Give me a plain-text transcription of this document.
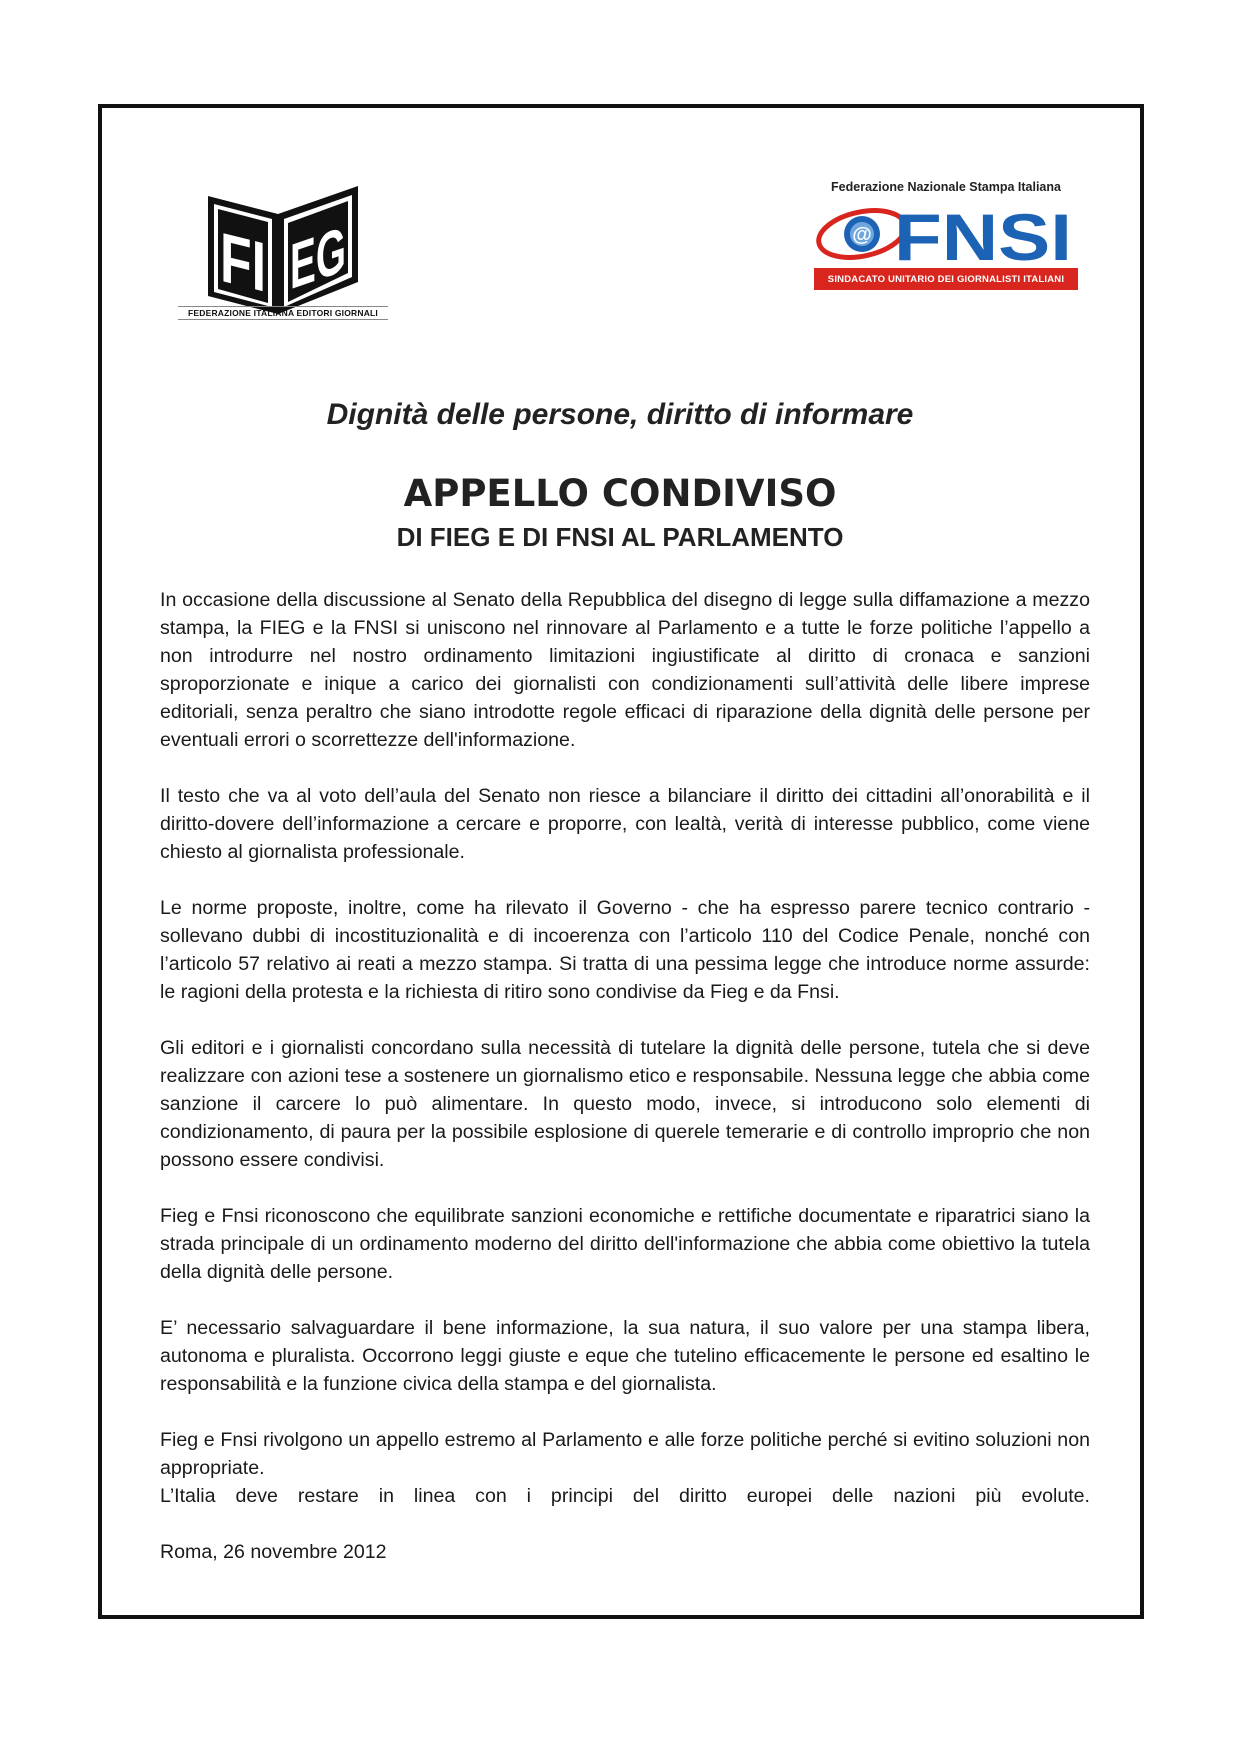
FI EG
FEDERAZIONE ITALIANA EDITORI GIORNALI
Federazione Nazionale Stampa Italiana
@ FNSI
SINDACATO UNITARIO DEI GIORNALISTI ITALIANI
Dignità delle persone, diritto di informare
APPELLO CONDIVISO
DI FIEG E DI FNSI AL PARLAMENTO

In occasione della discussione al Senato della Repubblica del disegno di legge sulla diffamazione a mezzo stampa, la FIEG e la FNSI si uniscono nel rinnovare al Parlamento e a tutte le forze politiche l’appello a non introdurre nel nostro ordinamento limitazioni ingiustificate al diritto di cronaca e sanzioni sproporzionate e inique a carico dei giornalisti con condizionamenti sull’attività delle libere imprese editoriali, senza peraltro che siano introdotte regole efficaci di riparazione della dignità delle persone per eventuali errori o scorrettezze dell'informazione.

Il testo che va al voto dell’aula del Senato non riesce a bilanciare il diritto dei cittadini all’onorabilità e il diritto-dovere dell’informazione a cercare e proporre, con lealtà, verità di interesse pubblico, come viene chiesto al giornalista professionale.

Le norme proposte, inoltre, come ha rilevato il Governo - che ha espresso parere tecnico contrario - sollevano dubbi di incostituzionalità e di incoerenza con l’articolo 110 del Codice Penale, nonché con l’articolo 57 relativo ai reati a mezzo stampa. Si tratta di una pessima legge che introduce norme assurde: le ragioni della protesta e la richiesta di ritiro sono condivise da Fieg e da Fnsi.

Gli editori e i giornalisti concordano sulla necessità di tutelare la dignità delle persone, tutela che si deve realizzare con azioni tese a sostenere un giornalismo etico e responsabile. Nessuna legge che abbia come sanzione il carcere lo può alimentare. In questo modo, invece, si introducono solo elementi di condizionamento, di paura per la possibile esplosione di querele temerarie e di controllo improprio che non possono essere condivisi.

Fieg e Fnsi riconoscono che equilibrate sanzioni economiche e rettifiche documentate e riparatrici siano la strada principale di un ordinamento moderno del diritto dell'informazione che abbia come obiettivo la tutela della dignità delle persone.

E’ necessario salvaguardare il bene informazione, la sua natura, il suo valore per una stampa libera, autonoma e pluralista. Occorrono leggi giuste e eque che tutelino efficacemente le persone ed esaltino le responsabilità e la funzione civica della stampa e del giornalista.

Fieg e Fnsi rivolgono un appello estremo al Parlamento e alle forze politiche perché si evitino soluzioni non appropriate.

L’Italia deve restare in linea con i principi del diritto europei delle nazioni più evolute.

Roma, 26 novembre 2012
